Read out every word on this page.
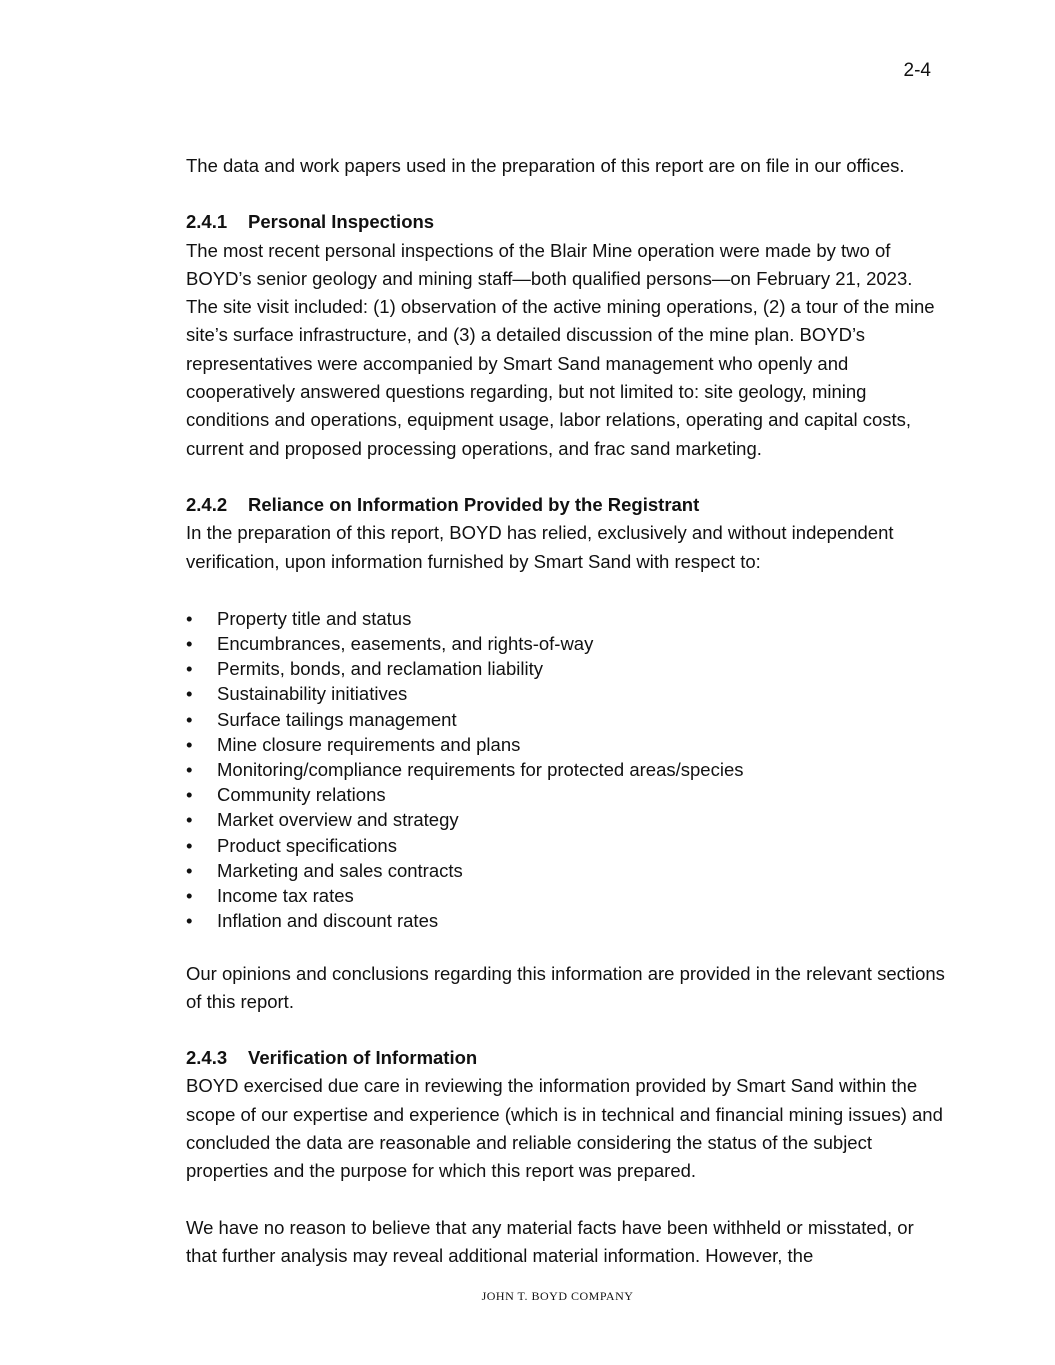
2-4

The data and work papers used in the preparation of this report are on file in our offices.

2.4.1 Personal Inspections

The most recent personal inspections of the Blair Mine operation were made by two of BOYD’s senior geology and mining staff—both qualified persons—on February 21, 2023. The site visit included: (1) observation of the active mining operations, (2) a tour of the mine site’s surface infrastructure, and (3) a detailed discussion of the mine plan. BOYD’s representatives were accompanied by Smart Sand management who openly and cooperatively answered questions regarding, but not limited to: site geology, mining conditions and operations, equipment usage, labor relations, operating and capital costs, current and proposed processing operations, and frac sand marketing.

2.4.2 Reliance on Information Provided by the Registrant

In the preparation of this report, BOYD has relied, exclusively and without independent verification, upon information furnished by Smart Sand with respect to:

• Property title and status
• Encumbrances, easements, and rights-of-way
• Permits, bonds, and reclamation liability
• Sustainability initiatives
• Surface tailings management
• Mine closure requirements and plans
• Monitoring/compliance requirements for protected areas/species
• Community relations
• Market overview and strategy
• Product specifications
• Marketing and sales contracts
• Income tax rates
• Inflation and discount rates

Our opinions and conclusions regarding this information are provided in the relevant sections of this report.

2.4.3 Verification of Information

BOYD exercised due care in reviewing the information provided by Smart Sand within the scope of our expertise and experience (which is in technical and financial mining issues) and concluded the data are reasonable and reliable considering the status of the subject properties and the purpose for which this report was prepared.

We have no reason to believe that any material facts have been withheld or misstated, or that further analysis may reveal additional material information. However, the

JOHN T. BOYD COMPANY
